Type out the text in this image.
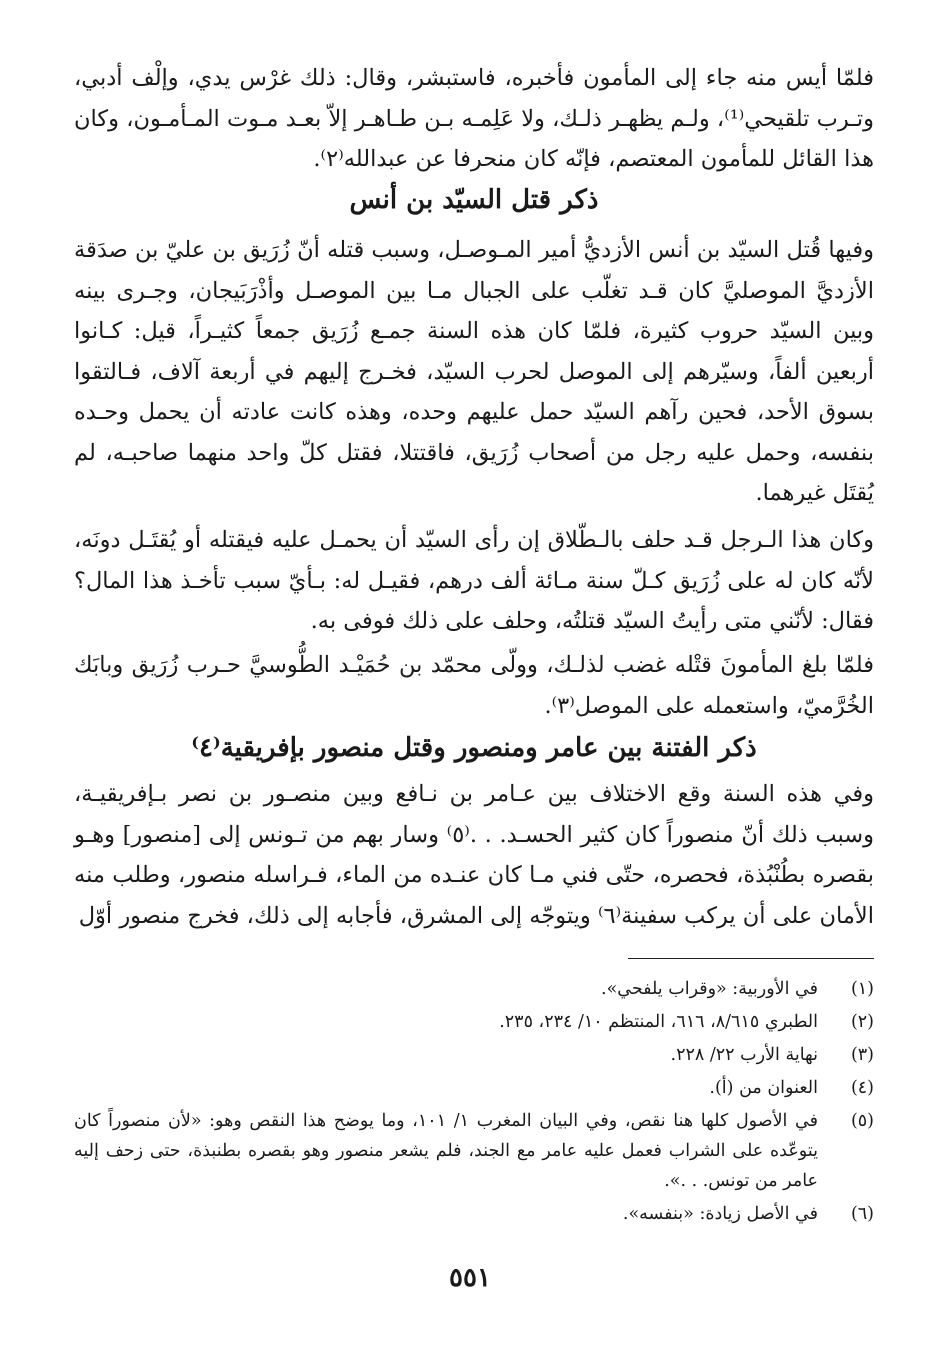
فلمّا أيس منه جاء إلى المأمون فأخبره، فاستبشر، وقال: ذلك غرْس يدي، وإلْف أدبي، وتـرب تلقيحي⁽¹⁾، ولـم يظهـر ذلـك، ولا عَلِمـه بـن طـاهـر إلاّ بعـد مـوت المـأمـون، وكان هذا القائل للمأمون المعتصم، فإنّه كان منحرفا عن عبدالله⁽٢⁾.

ذكر قتل السيّد بن أنس

وفيها قُتل السيّد بن أنس الأزديُّ أمير المـوصـل، وسبب قتله أنّ زُرَيق بن عليّ بن صدَقة الأزديَّ الموصليَّ كان قـد تغلّب على الجبال مـا بين الموصـل وأذْرَبَيجان، وجـرى بينه وبين السيّد حروب كثيرة، فلمّا كان هذه السنة جمـع زُرَيق جمعاً كثيـراً، قيل: كـانوا أربعين ألفاً، وسيّرهم إلى الموصل لحرب السيّد، فخـرج إليهم في أربعة آلاف، فـالتقوا بسوق الأحد، فحين رآهم السيّد حمل عليهم وحده، وهذه كانت عادته أن يحمل وحـده بنفسه، وحمل عليه رجل من أصحاب زُرَيق، فاقتتلا، فقتل كلّ واحد منهما صاحبـه، لم يُقتَل غيرهما.

وكان هذا الـرجل قـد حلف بالـطّلاق إن رأى السيّد أن يحمـل عليه فيقتله أو يُقتَـل دونَه، لأنّه كان له على زُرَيق كـلّ سنة مـائة ألف درهم، فقيـل له: بـأيّ سبب تأخـذ هذا المال؟ فقال: لأنّني متى رأيتُ السيّد قتلتُه، وحلف على ذلك فوفى به.

فلمّا بلغ المأمونَ قتْله غضب لذلـك، وولّى محمّد بن حُمَيْـد الطُّوسيَّ حـرب زُرَيق وبابَك الخُرَّميّ، واستعمله على الموصل⁽٣⁾.

ذكر الفتنة بين عامر ومنصور وقتل منصور بإفريقية⁽٤⁾

وفي هذه السنة وقع الاختلاف بين عـامر بن نـافع وبين منصـور بن نصر بـإفريقيـة، وسبب ذلك أنّ منصوراً كان كثير الحسـد. . .⁽٥⁾ وسار بهم من تـونس إلى [منصور] وهـو بقصره بطُنْبُذة، فحصره، حتّى فني مـا كان عنـده من الماء، فـراسله منصور، وطلب منه الأمان على أن يركب سفينة⁽٦⁾ ويتوجّه إلى المشرق، فأجابه إلى ذلك، فخرج منصور أوّل

(١)
في الأوربية: «وقراب يلفحي».
(٢)
الطبري ٨/٦١٥، ٦١٦، المنتظم ١٠/ ٢٣٤، ٢٣٥.
(٣)
نهاية الأرب ٢٢/ ٢٢٨.
(٤)
العنوان من (أ).
(٥)
في الأصول كلها هنا نقص، وفي البيان المغرب ١/ ١٠١، وما يوضح هذا النقص وهو: «لأن منصوراً كان يتوعّده على الشراب فعمل عليه عامر مع الجند، فلم يشعر منصور وهو بقصره بطنبذة، حتى زحف إليه عامر من تونس. . .».
(٦)
في الأصل زيادة: «بنفسه».
٥٥١
